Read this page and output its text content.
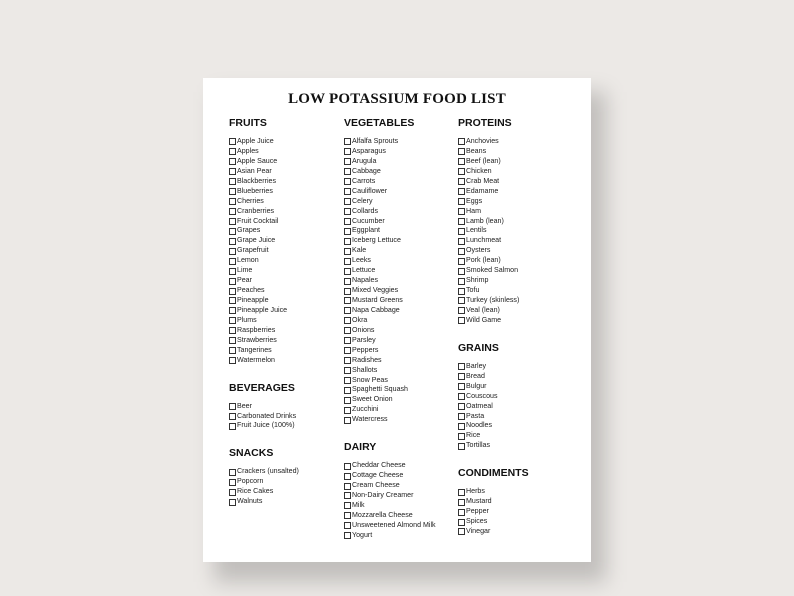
LOW POTASSIUM FOOD LIST
FRUITS
Apple Juice
Apples
Apple Sauce
Asian Pear
Blackberries
Blueberries
Cherries
Cranberries
Fruit Cocktail
Grapes
Grape Juice
Grapefruit
Lemon
Lime
Pear
Peaches
Pineapple
Pineapple Juice
Plums
Raspberries
Strawberries
Tangerines
Watermelon
BEVERAGES
Beer
Carbonated Drinks
Fruit Juice (100%)
SNACKS
Crackers (unsalted)
Popcorn
Rice Cakes
Walnuts
VEGETABLES
Alfalfa Sprouts
Asparagus
Arugula
Cabbage
Carrots
Cauliflower
Celery
Collards
Cucumber
Eggplant
Iceberg Lettuce
Kale
Leeks
Lettuce
Napales
Mixed Veggies
Mustard Greens
Napa Cabbage
Okra
Onions
Parsley
Peppers
Radishes
Shallots
Snow Peas
Spaghetti Squash
Sweet Onion
Zucchini
Watercress
DAIRY
Cheddar Cheese
Cottage Cheese
Cream Cheese
Non-Dairy Creamer
Milk
Mozzarella Cheese
Unsweetened Almond Milk
Yogurt
PROTEINS
Anchovies
Beans
Beef (lean)
Chicken
Crab Meat
Edamame
Eggs
Ham
Lamb (lean)
Lentils
Lunchmeat
Oysters
Pork (lean)
Smoked Salmon
Shrimp
Tofu
Turkey (skinless)
Veal (lean)
Wild Game
GRAINS
Barley
Bread
Bulgur
Couscous
Oatmeal
Pasta
Noodles
Rice
Tortillas
CONDIMENTS
Herbs
Mustard
Pepper
Spices
Vinegar
